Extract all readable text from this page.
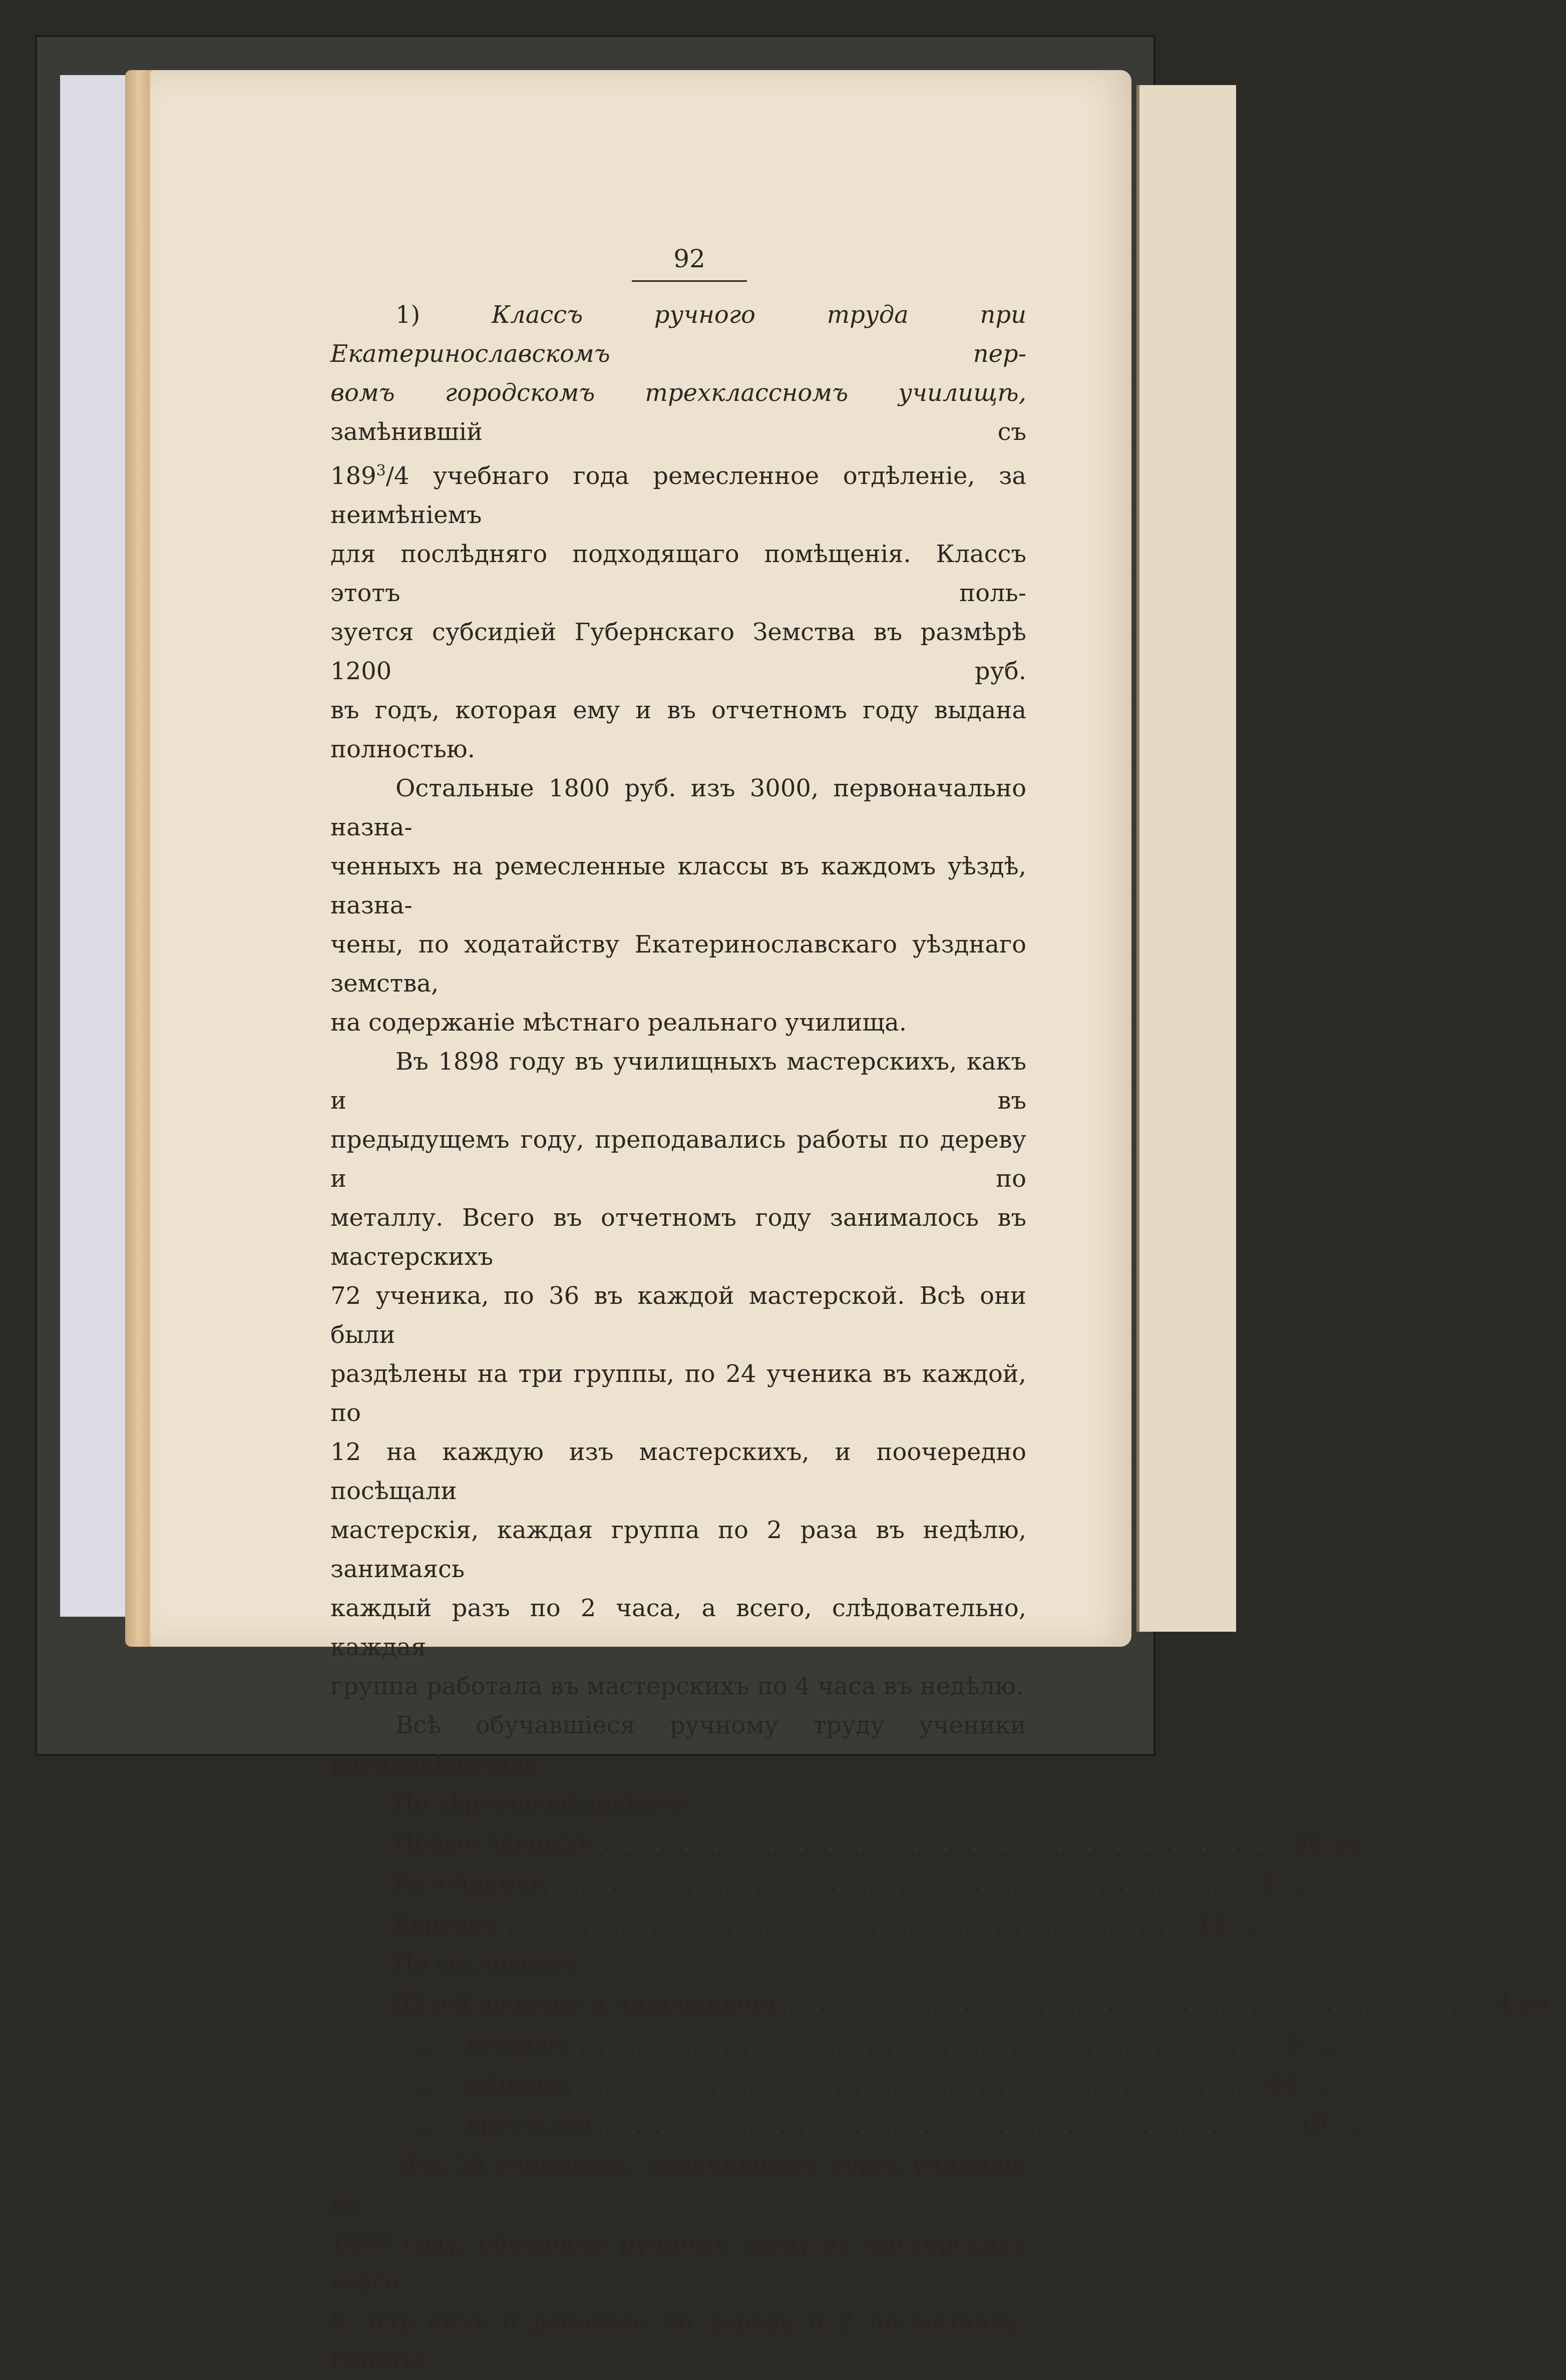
92

1) Классъ ручного труда при Екатеринославскомъ пер-

вомъ городскомъ трехклассномъ училищѣ, замѣнившій съ

$189^3/4$ учебнаго года ремесленное отдѣленіе, за неимѣніемъ

для послѣдняго подходящаго помѣщенія. Классъ этотъ поль-

зуется субсидіей Губернскаго Земства въ размѣрѣ 1200 руб.

въ годъ, которая ему и въ отчетномъ году выдана полностью.

Остальные 1800 руб. изъ 3000, первоначально назна-

ченныхъ на ремесленные классы въ каждомъ уѣздѣ, назна-

чены, по ходатайству Екатеринославскаго уѣзднаго земства,

на содержаніе мѣстнаго реальнаго училища.

Въ 1898 году въ училищныхъ мастерскихъ, какъ и въ

предыдущемъ году, преподавались работы по дереву и по

металлу. Всего въ отчетномъ году занималось въ мастерскихъ

72 ученика, по 36 въ каждой мастерской. Всѣ они были

раздѣлены на три группы, по 24 ученика въ каждой, по

12 на каждую изъ мастерскихъ, и поочередно посѣщали

мастерскія, каждая группа по 2 раза въ недѣлю, занимаясь

каждый разъ по 2 часа, а всего, слѣдовательно, каждая

группа работала въ мастерскихъ по 4 часа въ недѣлю.

Всѣ обучавшіеся ручному труду ученики распредѣлялись:

По вѣроисповѣданіямъ:
Православныхъ . . . . . . . . . . . . . . . . . . . . . . . . 55 уч.
Католиковъ . . . . . . . . . . . . . . . . . . . . . . . .	3 „
Евреевъ . . . . . . . . . . . . . . . . . . . . . . . . 14 „
По сословіямъ:
Дѣтей дворянъ и чиновниковъ . . . . . . . . . . . . . . . . . . . . . . . .	4 уч.
„ купцовъ . . . . . . . . . . . . . . . . . . . . . . . .	3 „
„ мѣщанъ . . . . . . . . . . . . . . . . . . . . . . . . 46 „
„ крестьянъ . . . . . . . . . . . . . . . . . . . . . . . . 19 „

Изъ 28 учениковъ, окончившихъ курсъ училища въ

1898 году, обучалось ручному труду въ мастерскихъ всего

8, изъ нихъ 6 работало по дереву и 2 по металлу. Работы
